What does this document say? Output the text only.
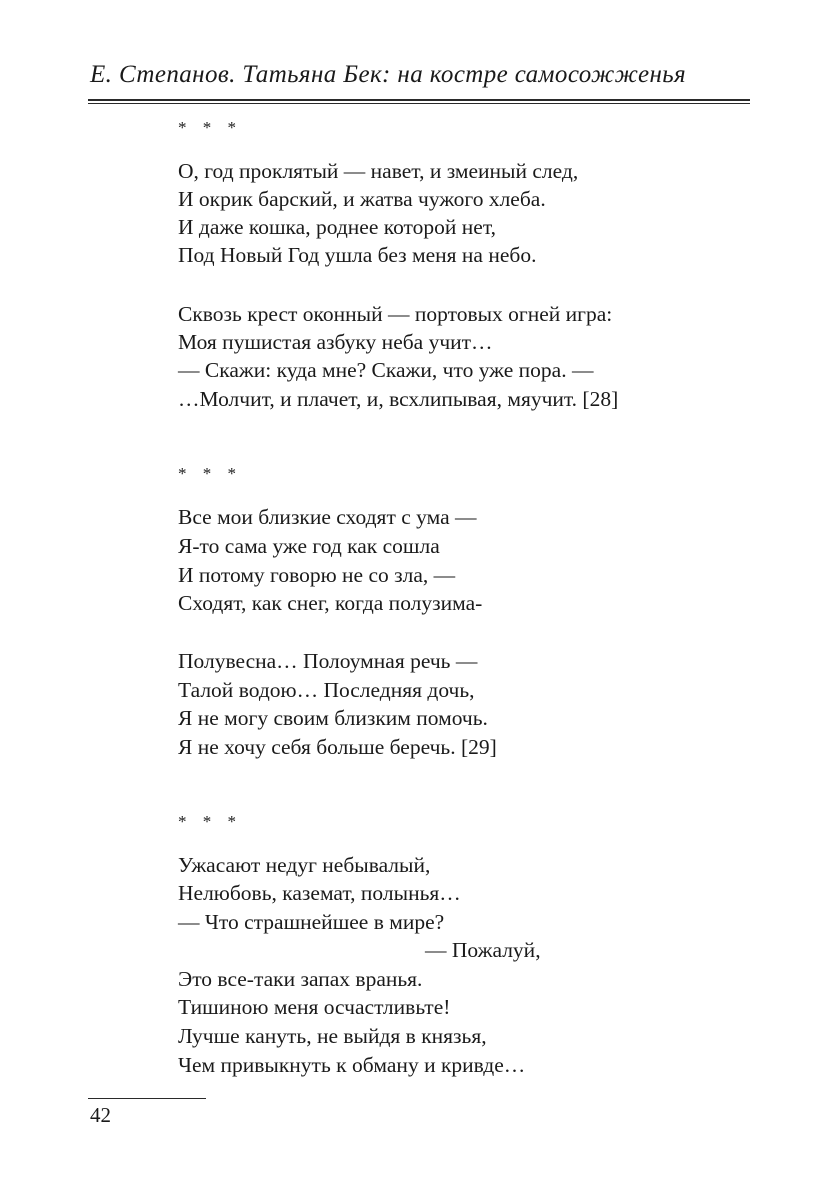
Е. Степанов. Татьяна Бек: на костре самосожженья
* * *
О, год проклятый — навет, и змеиный след,
И окрик барский, и жатва чужого хлеба.
И даже кошка, роднее которой нет,
Под Новый Год ушла без меня на небо.
Сквозь крест оконный — портовых огней игра:
Моя пушистая азбуку неба учит…
— Скажи: куда мне? Скажи, что уже пора. —
…Молчит, и плачет, и, всхлипывая, мяучит. [28]
* * *
Все мои близкие сходят с ума —
Я-то сама уже год как сошла
И потому говорю не со зла, —
Сходят, как снег, когда полузима-
Полувесна… Полоумная речь —
Талой водою… Последняя дочь,
Я не могу своим близким помочь.
Я не хочу себя больше беречь. [29]
* * *
Ужасают недуг небывалый,
Нелюбовь, каземат, полынья…
— Что страшнейшее в мире?
— Пожалуй,
Это все-таки запах вранья.
Тишиною меня осчастливьте!
Лучше кануть, не выйдя в князья,
Чем привыкнуть к обману и кривде…
42
